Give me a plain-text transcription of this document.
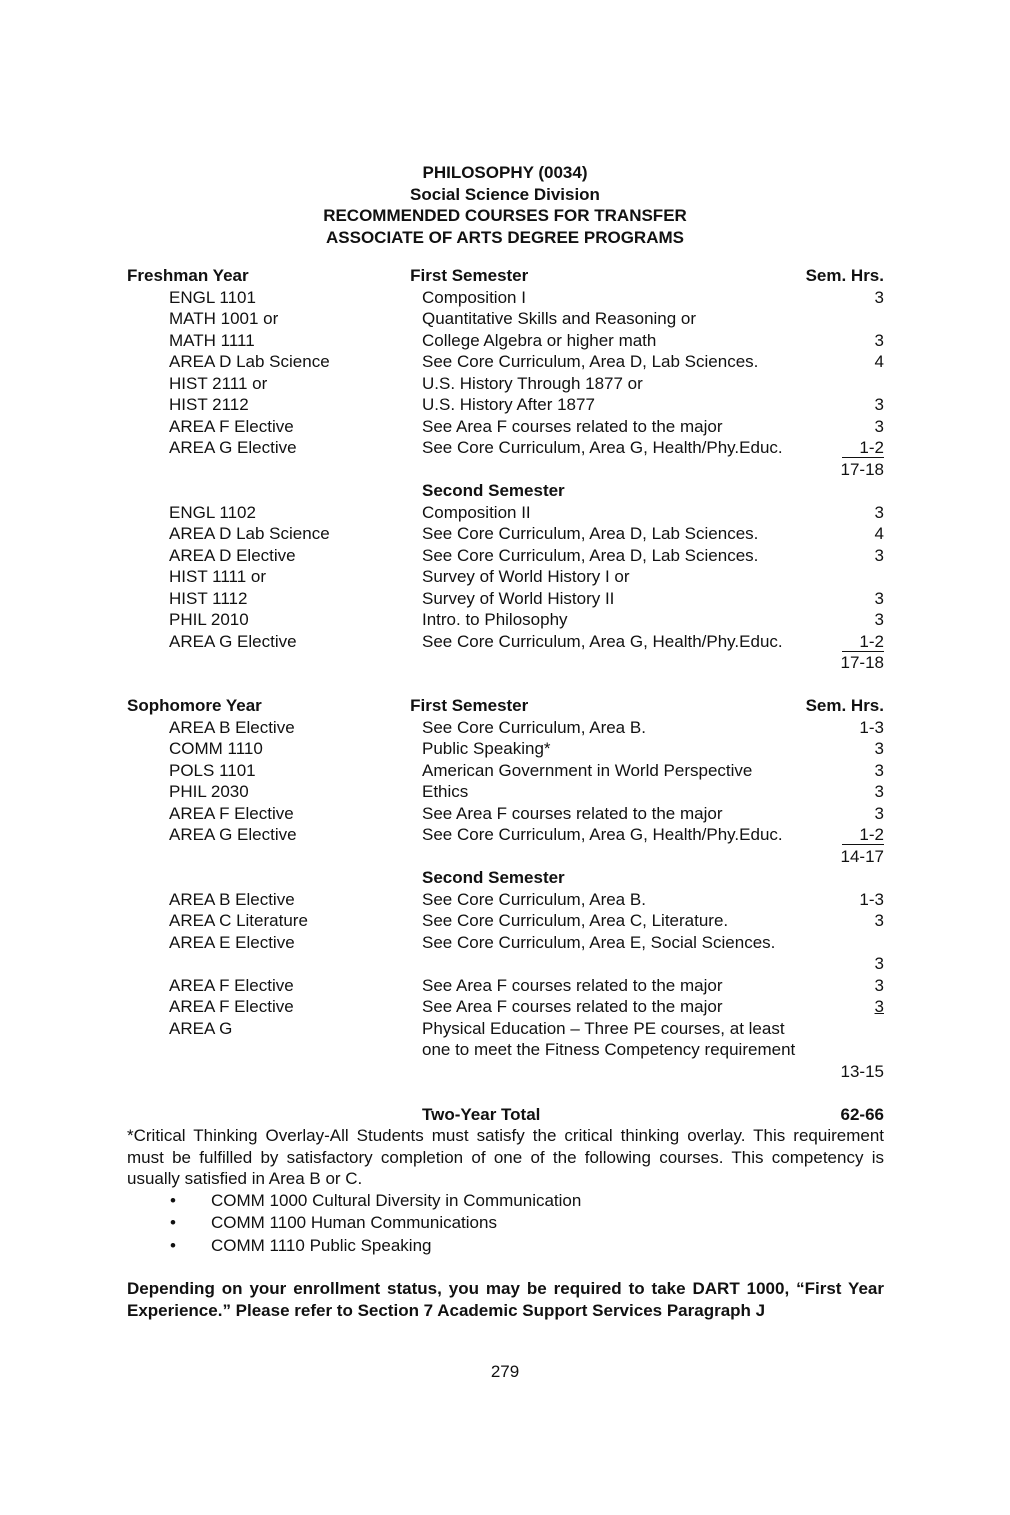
PHILOSOPHY (0034)
Social Science Division
RECOMMENDED COURSES FOR TRANSFER
ASSOCIATE OF ARTS DEGREE PROGRAMS
Freshman Year	First Semester	Sem. Hrs.
ENGL 1101	Composition I	3
MATH 1001 or	Quantitative Skills and Reasoning or
MATH 1111	College Algebra or higher math	3
AREA D Lab Science	See Core Curriculum, Area D, Lab Sciences.	4
HIST 2111 or	U.S. History Through 1877 or
HIST 2112	U.S. History After 1877	3
AREA F Elective	See Area F courses related to the major	3
AREA G Elective	See Core Curriculum, Area G, Health/Phy.Educ.	1-2
17-18
Second Semester
ENGL 1102	Composition II	3
AREA D Lab Science	See Core Curriculum, Area D, Lab Sciences.	4
AREA D Elective	See Core Curriculum, Area D, Lab Sciences.	3
HIST 1111 or	Survey of World History I or
HIST 1112	Survey of World History II	3
PHIL 2010	Intro. to Philosophy	3
AREA G Elective	See Core Curriculum, Area G, Health/Phy.Educ.	1-2
17-18
Sophomore Year	First Semester	Sem. Hrs.
AREA B Elective	See Core Curriculum, Area B.	1-3
COMM 1110	Public Speaking*	3
POLS 1101	American Government in World Perspective	3
PHIL 2030	Ethics	3
AREA F Elective	See Area F courses related to the major	3
AREA G Elective	See Core Curriculum, Area G, Health/Phy.Educ.	1-2
14-17
Second Semester
AREA B Elective	See Core Curriculum, Area B.	1-3
AREA C Literature	See Core Curriculum, Area C, Literature.	3
AREA E Elective	See Core Curriculum, Area E, Social Sciences.
3
AREA F Elective	See Area F courses related to the major	3
AREA F Elective	See Area F courses related to the major	3
AREA G	Physical Education – Three PE courses, at least
one to meet the Fitness Competency requirement
13-15
Two-Year Total	62-66

*Critical Thinking Overlay-All Students must satisfy the critical thinking overlay. This requirement must be fulfilled by satisfactory completion of one of the following courses. This competency is usually satisfied in Area B or C.

• COMM 1000 Cultural Diversity in Communication
• COMM 1100 Human Communications
• COMM 1110 Public Speaking

Depending on your enrollment status, you may be required to take DART 1000, “First Year Experience.” Please refer to Section 7 Academic Support Services Paragraph J

279
